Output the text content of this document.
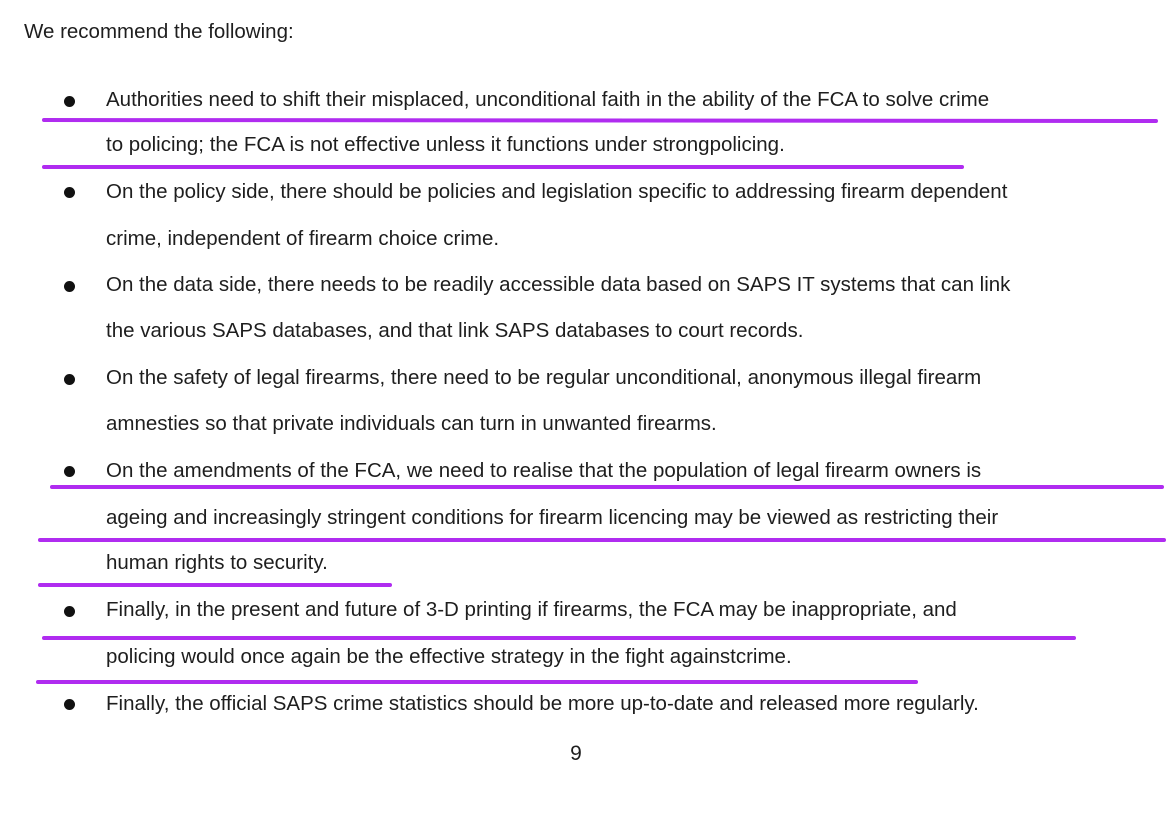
We recommend the following:
Authorities need to shift their misplaced, unconditional faith in the ability of the FCA to solve crime
to policing; the FCA is not effective unless it functions under strongpolicing.
On the policy side, there should be policies and legislation specific to addressing firearm dependent
crime, independent of firearm choice crime.
On the data side, there needs to be readily accessible data based on SAPS IT systems that can link
the various SAPS databases, and that link SAPS databases to court records.
On the safety of legal firearms, there need to be regular unconditional, anonymous illegal firearm
amnesties so that private individuals can turn in unwanted firearms.
On the amendments of the FCA, we need to realise that the population of legal firearm owners is
ageing and increasingly stringent conditions for firearm licencing may be viewed as restricting their
human rights to security.
Finally, in the present and future of 3-D printing if firearms, the FCA may be inappropriate, and
policing would once again be the effective strategy in the fight againstcrime.
Finally, the official SAPS crime statistics should be more up-to-date and released more regularly.
9
